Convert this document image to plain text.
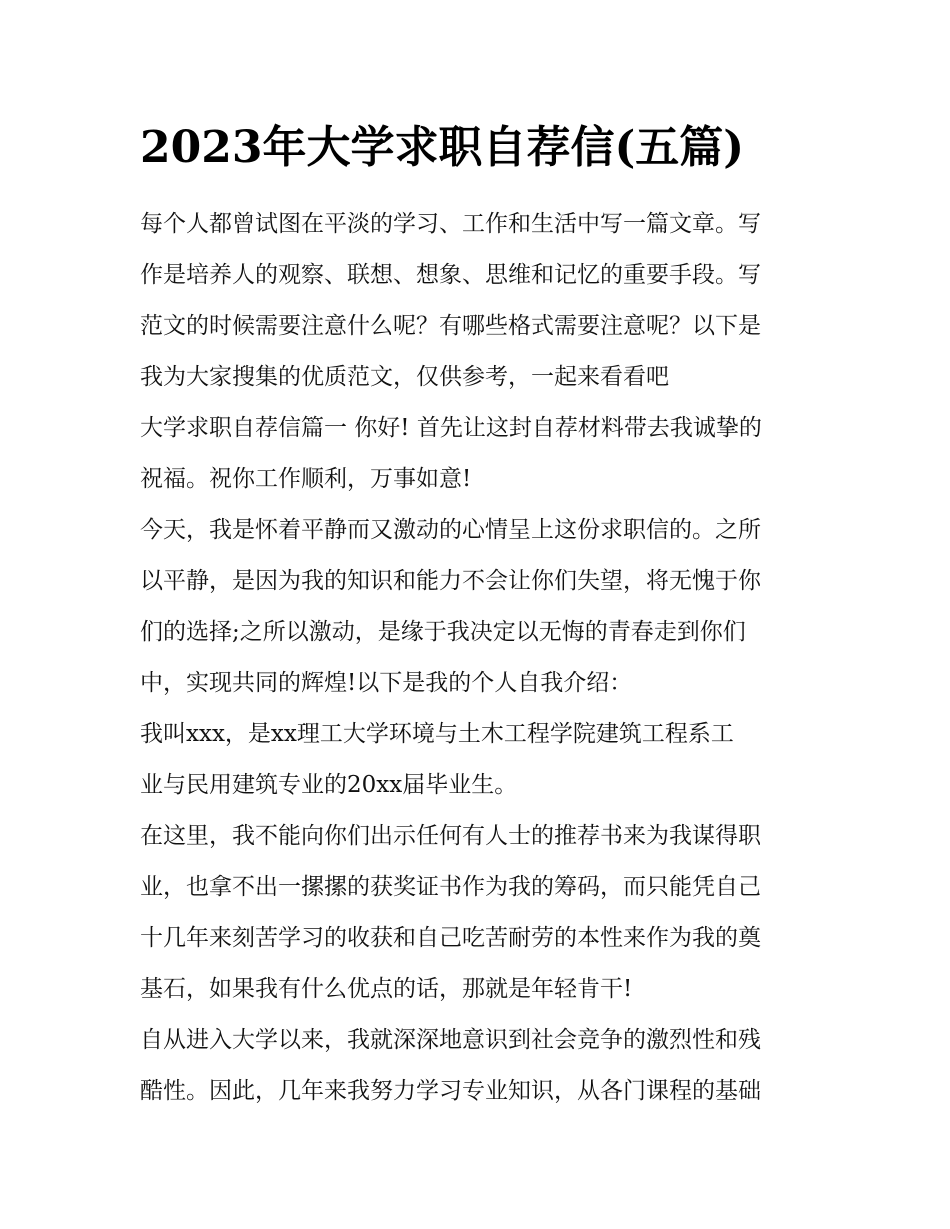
2023年大学求职自荐信(五篇)
每个人都曾试图在平淡的学习、工作和生活中写一篇文章。写
作是培养人的观察、联想、想象、思维和记忆的重要手段。写
范文的时候需要注意什么呢？有哪些格式需要注意呢？以下是
我为大家搜集的优质范文，仅供参考，一起来看看吧
大学求职自荐信篇一 你好! 首先让这封自荐材料带去我诚挚的
祝福。祝你工作顺利，万事如意!
今天，我是怀着平静而又激动的心情呈上这份求职信的。之所
以平静，是因为我的知识和能力不会让你们失望，将无愧于你
们的选择;之所以激动，是缘于我决定以无悔的青春走到你们
中，实现共同的辉煌!以下是我的个人自我介绍：
我叫xxx，是xx理工大学环境与土木工程学院建筑工程系工
业与民用建筑专业的20xx届毕业生。
在这里，我不能向你们出示任何有人士的推荐书来为我谋得职
业，也拿不出一摞摞的获奖证书作为我的筹码，而只能凭自己
十几年来刻苦学习的收获和自己吃苦耐劳的本性来作为我的奠
基石，如果我有什么优点的话，那就是年轻肯干!
自从进入大学以来，我就深深地意识到社会竞争的激烈性和残
酷性。因此，几年来我努力学习专业知识，从各门课程的基础
